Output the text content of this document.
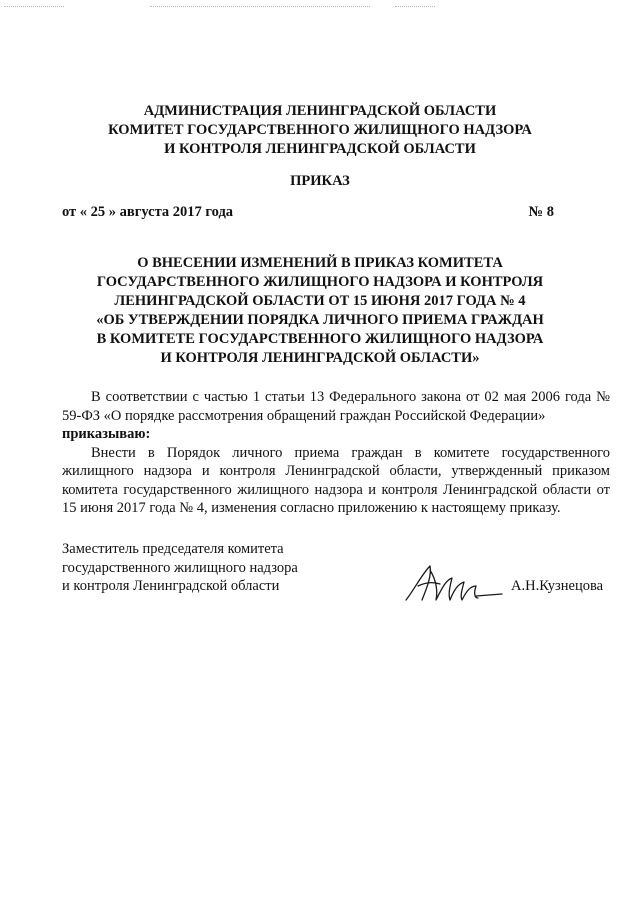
АДМИНИСТРАЦИЯ ЛЕНИНГРАДСКОЙ ОБЛАСТИ
КОМИТЕТ ГОСУДАРСТВЕННОГО ЖИЛИЩНОГО НАДЗОРА
И КОНТРОЛЯ ЛЕНИНГРАДСКОЙ ОБЛАСТИ
ПРИКАЗ
от « 25 » августа 2017 года	№ 8
О ВНЕСЕНИИ ИЗМЕНЕНИЙ В ПРИКАЗ КОМИТЕТА
ГОСУДАРСТВЕННОГО ЖИЛИЩНОГО НАДЗОРА И КОНТРОЛЯ
ЛЕНИНГРАДСКОЙ ОБЛАСТИ ОТ 15 ИЮНЯ 2017 ГОДА № 4
«ОБ УТВЕРЖДЕНИИ ПОРЯДКА ЛИЧНОГО ПРИЕМА ГРАЖДАН
В КОМИТЕТЕ ГОСУДАРСТВЕННОГО ЖИЛИЩНОГО НАДЗОРА
И КОНТРОЛЯ ЛЕНИНГРАДСКОЙ ОБЛАСТИ»

В соответствии с частью 1 статьи 13 Федерального закона от 02 мая 2006 года № 59-ФЗ «О порядке рассмотрения обращений граждан Российской Федерации»

приказываю:

Внести в Порядок личного приема граждан в комитете государственного жилищного надзора и контроля Ленинградской области, утвержденный приказом комитета государственного жилищного надзора и контроля Ленинградской области от 15 июня 2017 года № 4, изменения согласно приложению к настоящему приказу.

Заместитель председателя комитета
государственного жилищного надзора
и контроля Ленинградской области	А.Н.Кузнецова
